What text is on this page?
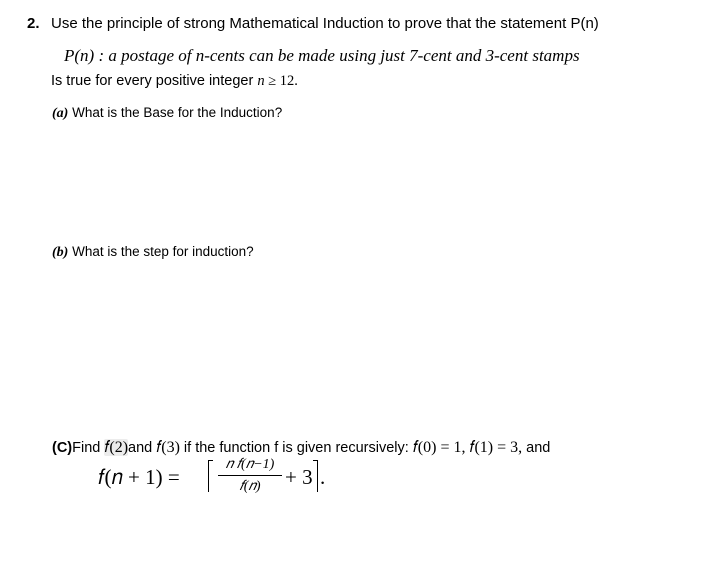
2. Use the principle of strong Mathematical Induction to prove that the statement P(n)
P(n) : a postage of n-cents can be made using just 7-cent and 3-cent stamps
Is true for every positive integer n ≥ 12.
(a) What is the Base for the Induction?
(b) What is the step for induction?
(C)Find 𝑓(2)and 𝑓(3) if the function f is given recursively: 𝑓(0) = 1, 𝑓(1) = 3, and
𝑓(𝑛 + 1) =
𝑛 𝑓(𝑛−1)
𝑓(𝑛)	+ 3 .
